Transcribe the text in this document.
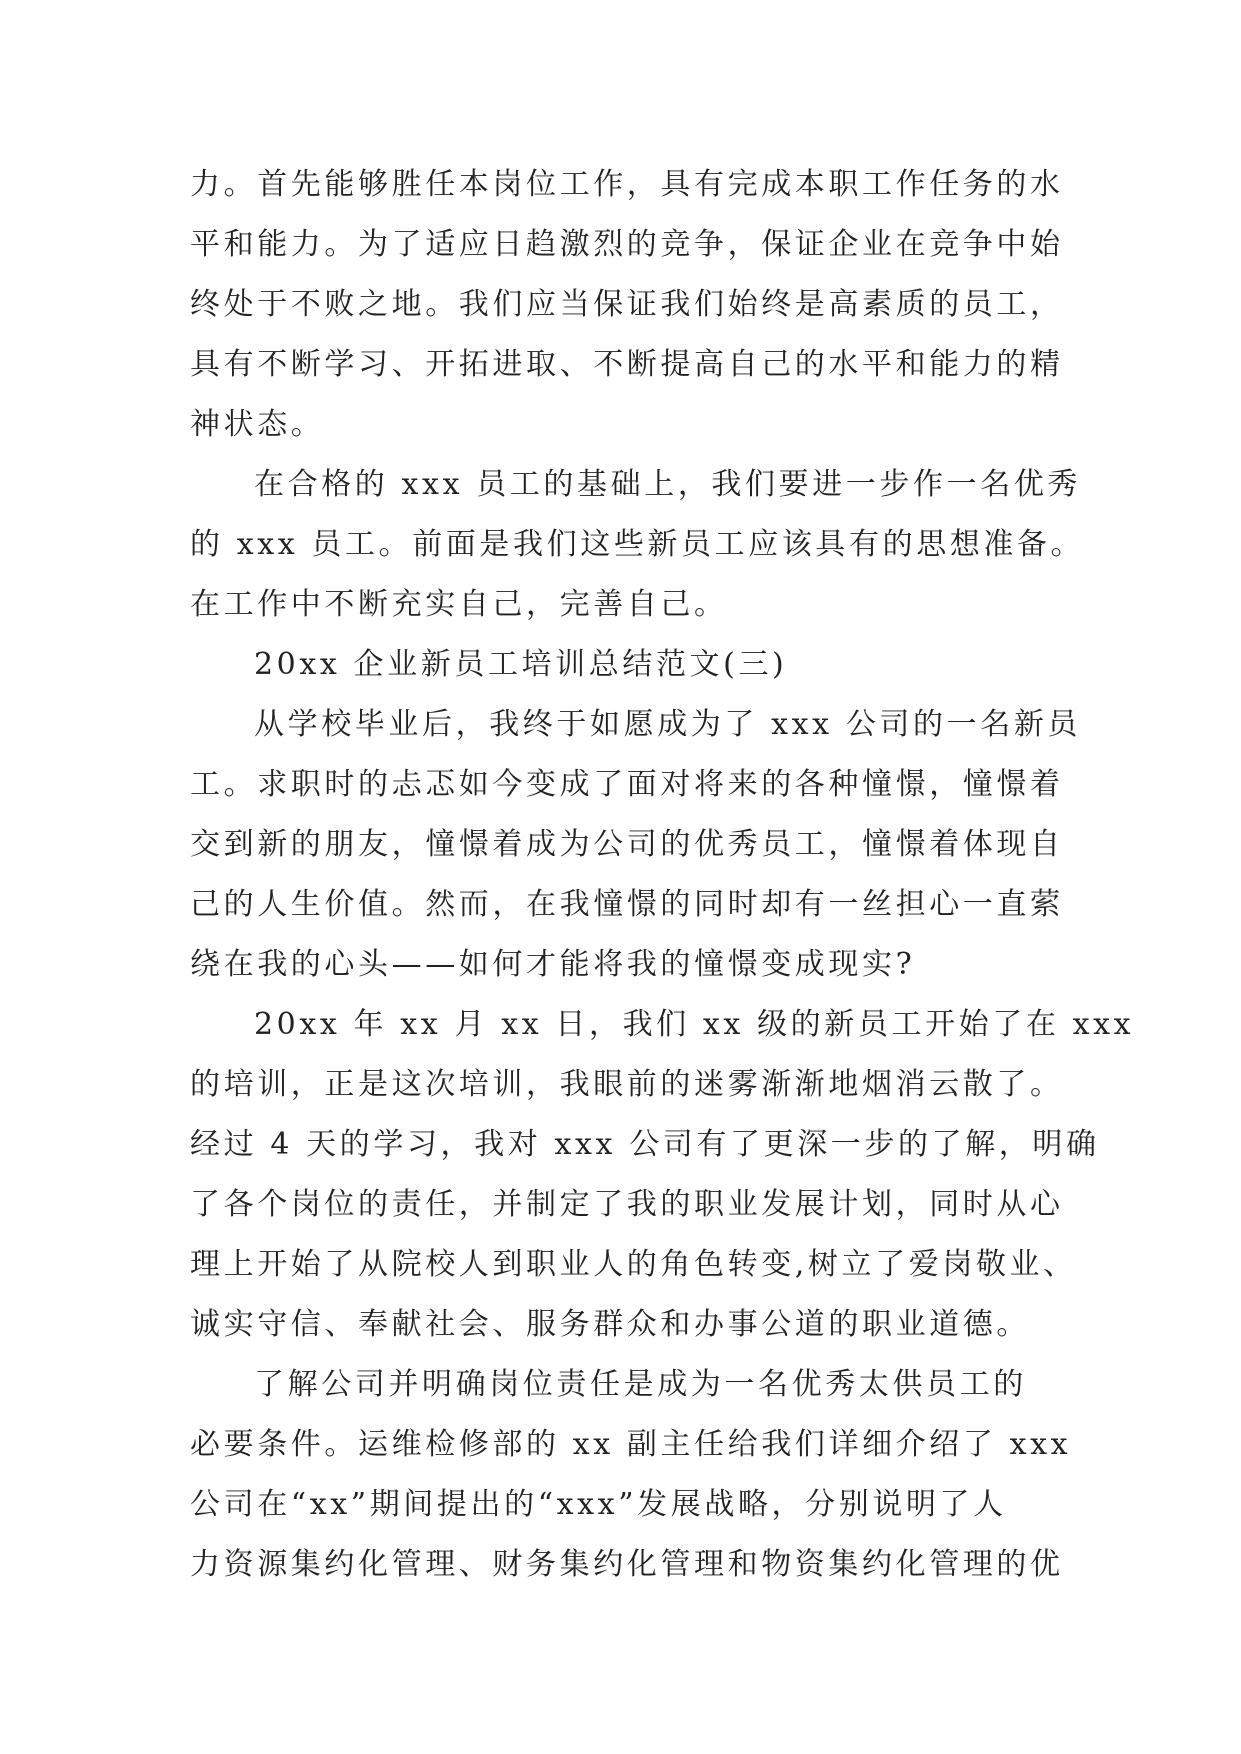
力。首先能够胜任本岗位工作，具有完成本职工作任务的水
平和能力。为了适应日趋激烈的竞争，保证企业在竞争中始
终处于不败之地。我们应当保证我们始终是高素质的员工，
具有不断学习、开拓进取、不断提高自己的水平和能力的精
神状态。
在合格的 xxx 员工的基础上，我们要进一步作一名优秀
的 xxx 员工。前面是我们这些新员工应该具有的思想准备。
在工作中不断充实自己，完善自己。
20xx 企业新员工培训总结范文(三)
从学校毕业后，我终于如愿成为了 xxx 公司的一名新员
工。求职时的忐忑如今变成了面对将来的各种憧憬，憧憬着
交到新的朋友，憧憬着成为公司的优秀员工，憧憬着体现自
己的人生价值。然而，在我憧憬的同时却有一丝担心一直萦
绕在我的心头——如何才能将我的憧憬变成现实?
20xx 年 xx 月 xx 日，我们 xx 级的新员工开始了在 xxx
的培训，正是这次培训，我眼前的迷雾渐渐地烟消云散了。
经过 4 天的学习，我对 xxx 公司有了更深一步的了解，明确
了各个岗位的责任，并制定了我的职业发展计划，同时从心
理上开始了从院校人到职业人的角色转变,树立了爱岗敬业、
诚实守信、奉献社会、服务群众和办事公道的职业道德。
了解公司并明确岗位责任是成为一名优秀太供员工的
必要条件。运维检修部的 xx 副主任给我们详细介绍了 xxx
公司在“xx”期间提出的“xxx”发展战略，分别说明了人
力资源集约化管理、财务集约化管理和物资集约化管理的优
